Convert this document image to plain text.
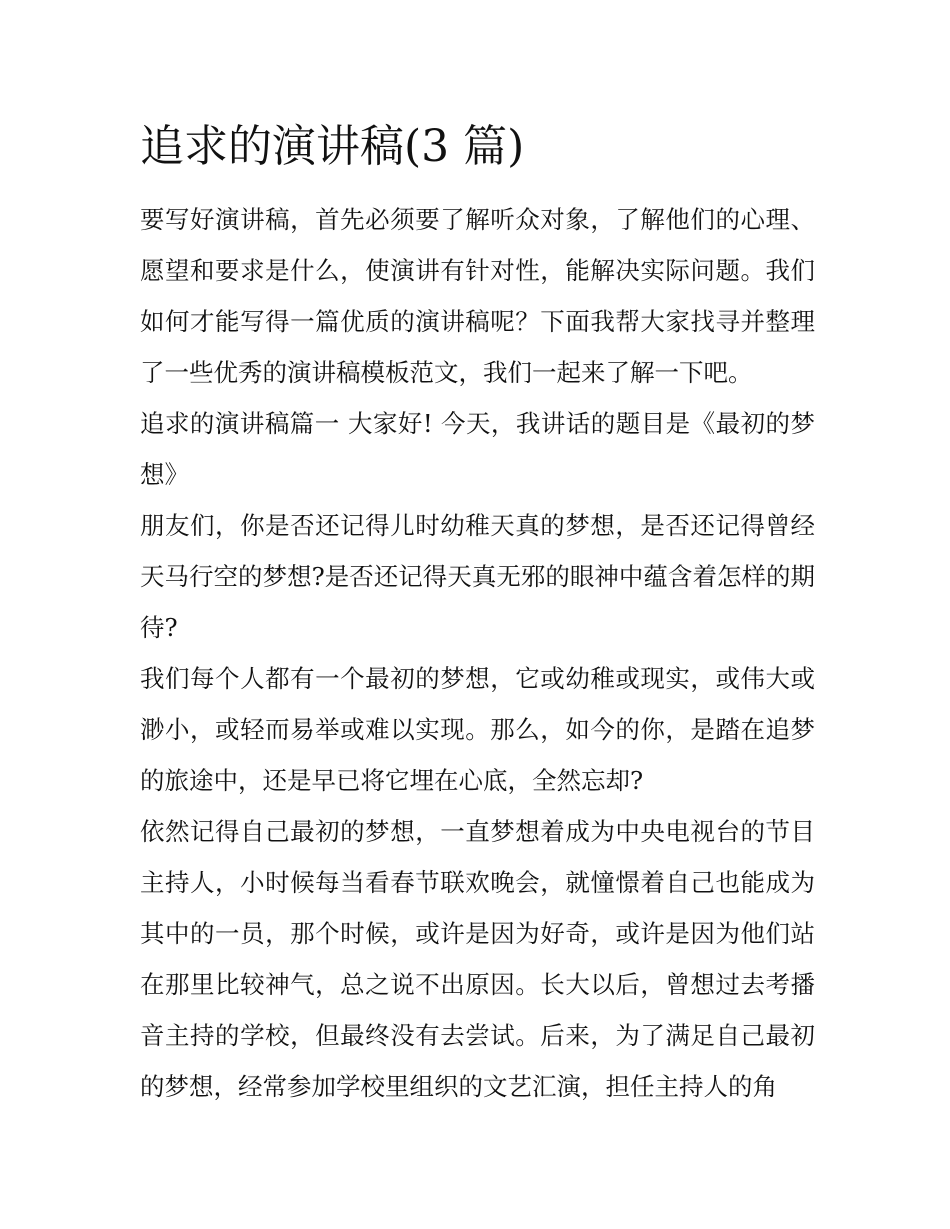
追求的演讲稿(3 篇)

要写好演讲稿，首先必须要了解听众对象，了解他们的心理、愿望和要求是什么，使演讲有针对性，能解决实际问题。我们如何才能写得一篇优质的演讲稿呢？下面我帮大家找寻并整理了一些优秀的演讲稿模板范文，我们一起来了解一下吧。

追求的演讲稿篇一 大家好! 今天，我讲话的题目是《最初的梦想》

朋友们，你是否还记得儿时幼稚天真的梦想，是否还记得曾经天马行空的梦想?是否还记得天真无邪的眼神中蕴含着怎样的期待?

我们每个人都有一个最初的梦想，它或幼稚或现实，或伟大或渺小，或轻而易举或难以实现。那么，如今的你，是踏在追梦的旅途中，还是早已将它埋在心底，全然忘却?

依然记得自己最初的梦想，一直梦想着成为中央电视台的节目主持人，小时候每当看春节联欢晚会，就憧憬着自己也能成为其中的一员，那个时候，或许是因为好奇，或许是因为他们站在那里比较神气，总之说不出原因。长大以后，曾想过去考播音主持的学校，但最终没有去尝试。后来，为了满足自己最初的梦想，经常参加学校里组织的文艺汇演，担任主持人的角
